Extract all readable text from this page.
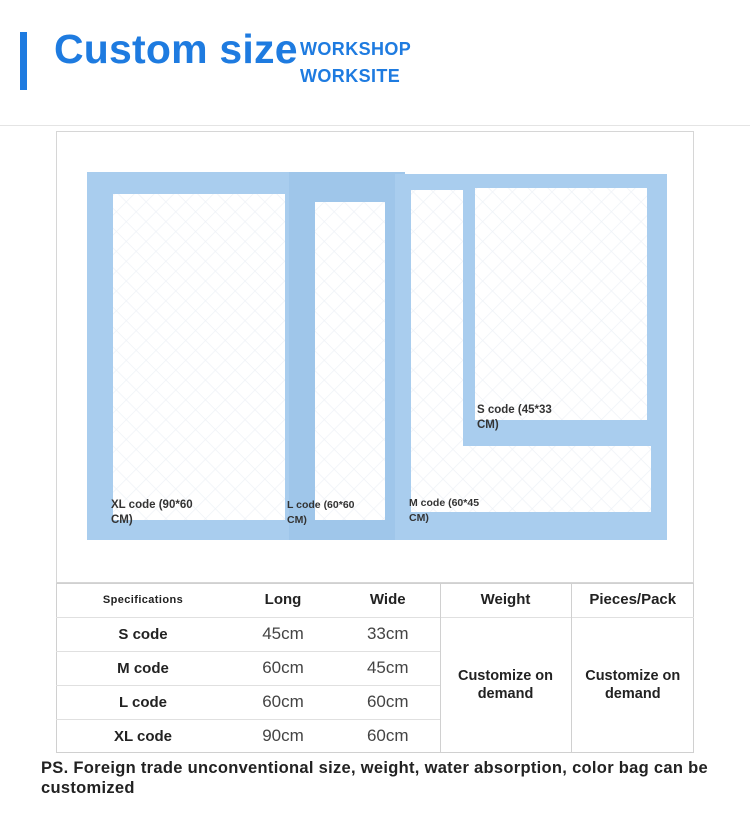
Custom size WORKSHOP
WORKSITE
XL code (90*60
CM)
L code (60*60
CM)
M code (60*45
CM)
S code (45*33
CM)
Specifications	Long	Wide	Weight	Pieces/Pack
S code	45cm	33cm	Customize on demand	Customize on demand
M code	60cm	45cm		
L code	60cm	60cm		
XL code	90cm	60cm		
PS. Foreign trade unconventional size, weight, water absorption, color bag can be customized
